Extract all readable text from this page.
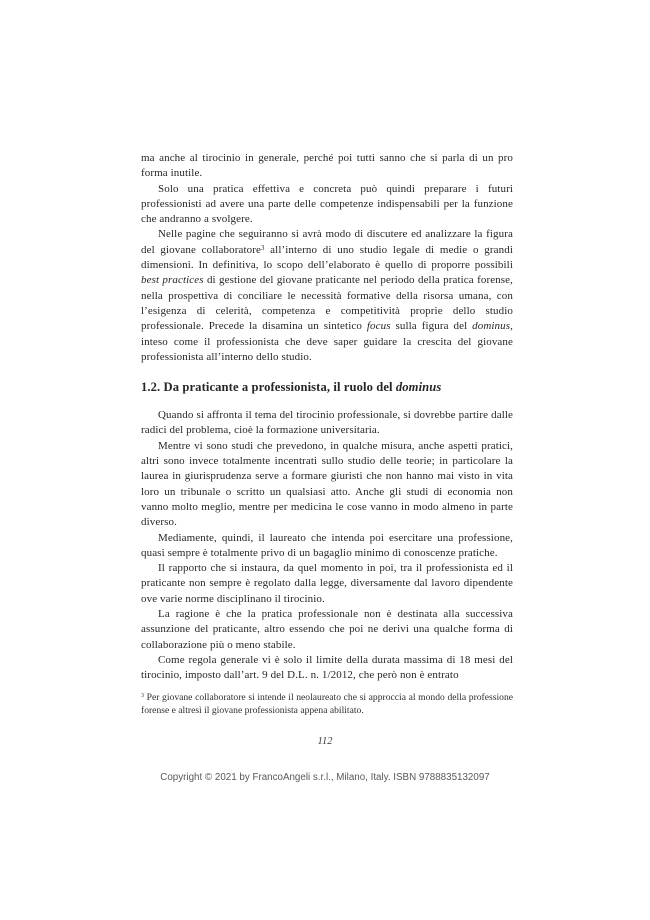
ma anche al tirocinio in generale, perché poi tutti sanno che si parla di un pro forma inutile.

Solo una pratica effettiva e concreta può quindi preparare i futuri professionisti ad avere una parte delle competenze indispensabili per la funzione che andranno a svolgere.

Nelle pagine che seguiranno si avrà modo di discutere ed analizzare la figura del giovane collaboratore$^3$ all’interno di uno studio legale di medie o grandi dimensioni. In definitiva, lo scopo dell’elaborato è quello di proporre possibili best practices di gestione del giovane praticante nel periodo della pratica forense, nella prospettiva di conciliare le necessità formative della risorsa umana, con l’esigenza di celerità, competenza e competitività proprie dello studio professionale. Precede la disamina un sintetico focus sulla figura del dominus, inteso come il professionista che deve saper guidare la crescita del giovane professionista all’interno dello studio.

1.2. Da praticante a professionista, il ruolo del dominus

Quando si affronta il tema del tirocinio professionale, si dovrebbe partire dalle radici del problema, cioè la formazione universitaria.

Mentre vi sono studi che prevedono, in qualche misura, anche aspetti pratici, altri sono invece totalmente incentrati sullo studio delle teorie; in particolare la laurea in giurisprudenza serve a formare giuristi che non hanno mai visto in vita loro un tribunale o scritto un qualsiasi atto. Anche gli studi di economia non vanno molto meglio, mentre per medicina le cose vanno in modo almeno in parte diverso.

Mediamente, quindi, il laureato che intenda poi esercitare una professione, quasi sempre è totalmente privo di un bagaglio minimo di conoscenze pratiche.

Il rapporto che si instaura, da quel momento in poi, tra il professionista ed il praticante non sempre è regolato dalla legge, diversamente dal lavoro dipendente ove varie norme disciplinano il tirocinio.

La ragione è che la pratica professionale non è destinata alla successiva assunzione del praticante, altro essendo che poi ne derivi una qualche forma di collaborazione più o meno stabile.

Come regola generale vi è solo il limite della durata massima di 18 mesi del tirocinio, imposto dall’art. 9 del D.L. n. 1/2012, che però non è entrato

$^3$ Per giovane collaboratore si intende il neolaureato che si approccia al mondo della professione forense e altresì il giovane professionista appena abilitato.
112
Copyright © 2021 by FrancoAngeli s.r.l., Milano, Italy. ISBN 9788835132097
